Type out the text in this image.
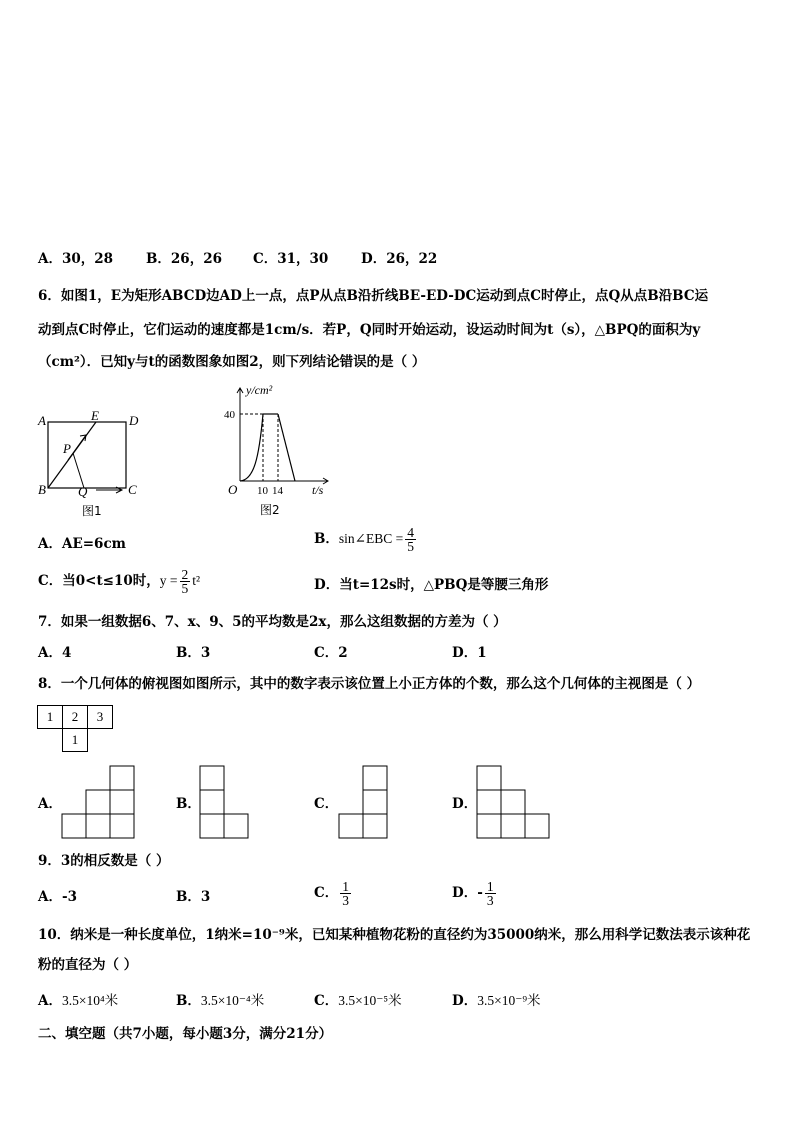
A．30，28 B．26，26 C．31，30 D．26，22
6．如图1，E为矩形ABCD边AD上一点，点P从点B沿折线BE-ED-DC运动到点C时停止，点Q从点B沿BC运
动到点C时停止，它们运动的速度都是1cm/s．若P，Q同时开始运动，设运动时间为t（s），△BPQ的面积为y
（cm²）．已知y与t的函数图象如图2，则下列结论错误的是（ ）
A	E D
P
B Q	C
图1
y/cm²
t/s
O
40
10 14
图2
A．AE=6cm	B．sin∠EBC = $\frac{4}{5}$
C．当0<t≤10时，$y = \frac{2}{5} t^2$	D．当t=12s时，△PBQ是等腰三角形
7．如果一组数据6、7、x、9、5的平均数是2x，那么这组数据的方差为（ ）
A．4	B．3	C．2	D．1
8．一个几何体的俯视图如图所示，其中的数字表示该位置上小正方体的个数，那么这个几何体的主视图是（ ）
1	2	3
	1	
A．	B．	C．	D．
9．3的相反数是（ ）
A．-3	B．3	C． $\frac{1}{3}$	D．- $\frac{1}{3}$
10．纳米是一种长度单位，1纳米=10⁻⁹米，已知某种植物花粉的直径约为35000纳米，那么用科学记数法表示该种花
粉的直径为（ ）
A．3.5×10⁴米	B．3.5×10⁻⁴米	C．3.5×10⁻⁵米	D．3.5×10⁻⁹米
二、填空题（共7小题，每小题3分，满分21分）
